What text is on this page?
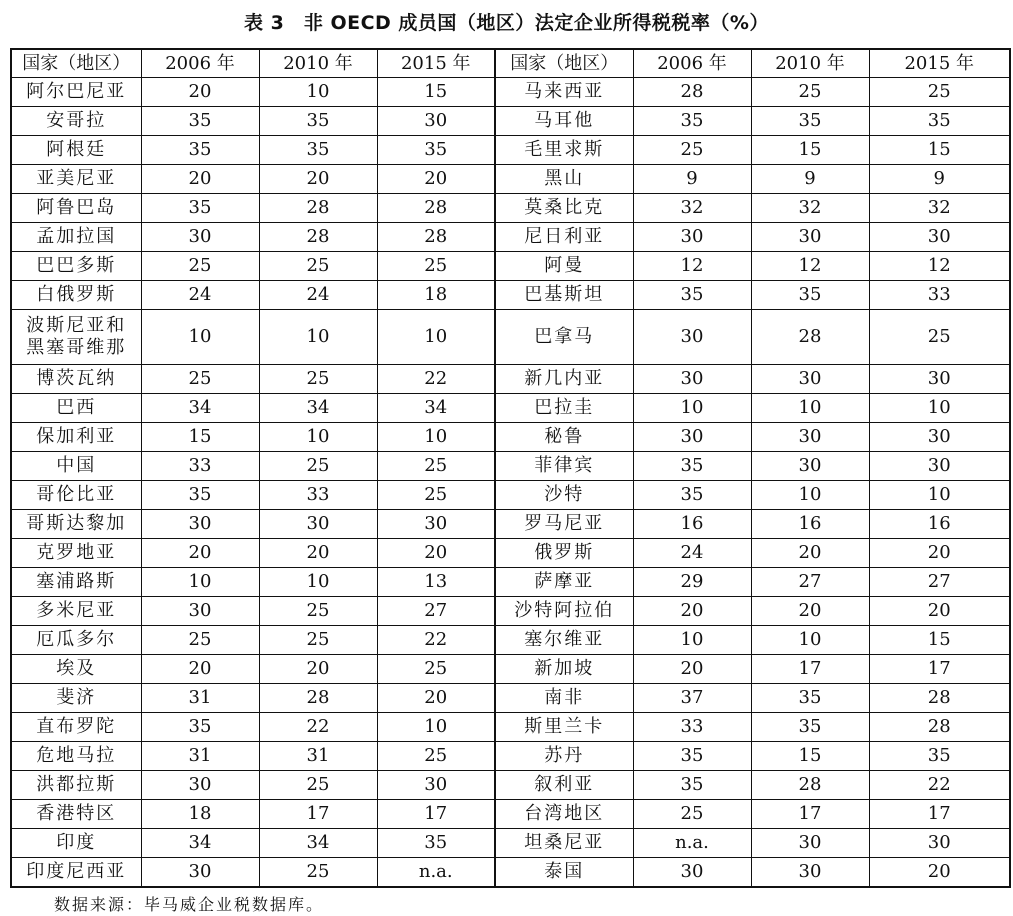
表 3　非 OECD 成员国（地区）法定企业所得税税率（%）
国家（地区）	2006 年	2010 年	2015 年	国家（地区）	2006 年	2010 年	2015 年
阿尔巴尼亚	20	10	15	马来西亚	28	25	25
安哥拉	35	35	30	马耳他	35	35	35
阿根廷	35	35	35	毛里求斯	25	15	15
亚美尼亚	20	20	20	黑山	9	9	9
阿鲁巴岛	35	28	28	莫桑比克	32	32	32
孟加拉国	30	28	28	尼日利亚	30	30	30
巴巴多斯	25	25	25	阿曼	12	12	12
白俄罗斯	24	24	18	巴基斯坦	35	35	33

波斯尼亚和
黑塞哥维那	10	10	10	巴拿马	30	28	25
博茨瓦纳	25	25	22	新几内亚	30	30	30
巴西	34	34	34	巴拉圭	10	10	10
保加利亚	15	10	10	秘鲁	30	30	30
中国	33	25	25	菲律宾	35	30	30
哥伦比亚	35	33	25	沙特	35	10	10
哥斯达黎加	30	30	30	罗马尼亚	16	16	16
克罗地亚	20	20	20	俄罗斯	24	20	20
塞浦路斯	10	10	13	萨摩亚	29	27	27
多米尼亚	30	25	27	沙特阿拉伯	20	20	20
厄瓜多尔	25	25	22	塞尔维亚	10	10	15
埃及	20	20	25	新加坡	20	17	17
斐济	31	28	20	南非	37	35	28
直布罗陀	35	22	10	斯里兰卡	33	35	28
危地马拉	31	31	25	苏丹	35	15	35
洪都拉斯	30	25	30	叙利亚	35	28	22
香港特区	18	17	17	台湾地区	25	17	17
印度	34	34	35	坦桑尼亚	n.a.	30	30
印度尼西亚	30	25	n.a.	泰国	30	30	20
数据来源：毕马威企业税数据库。
